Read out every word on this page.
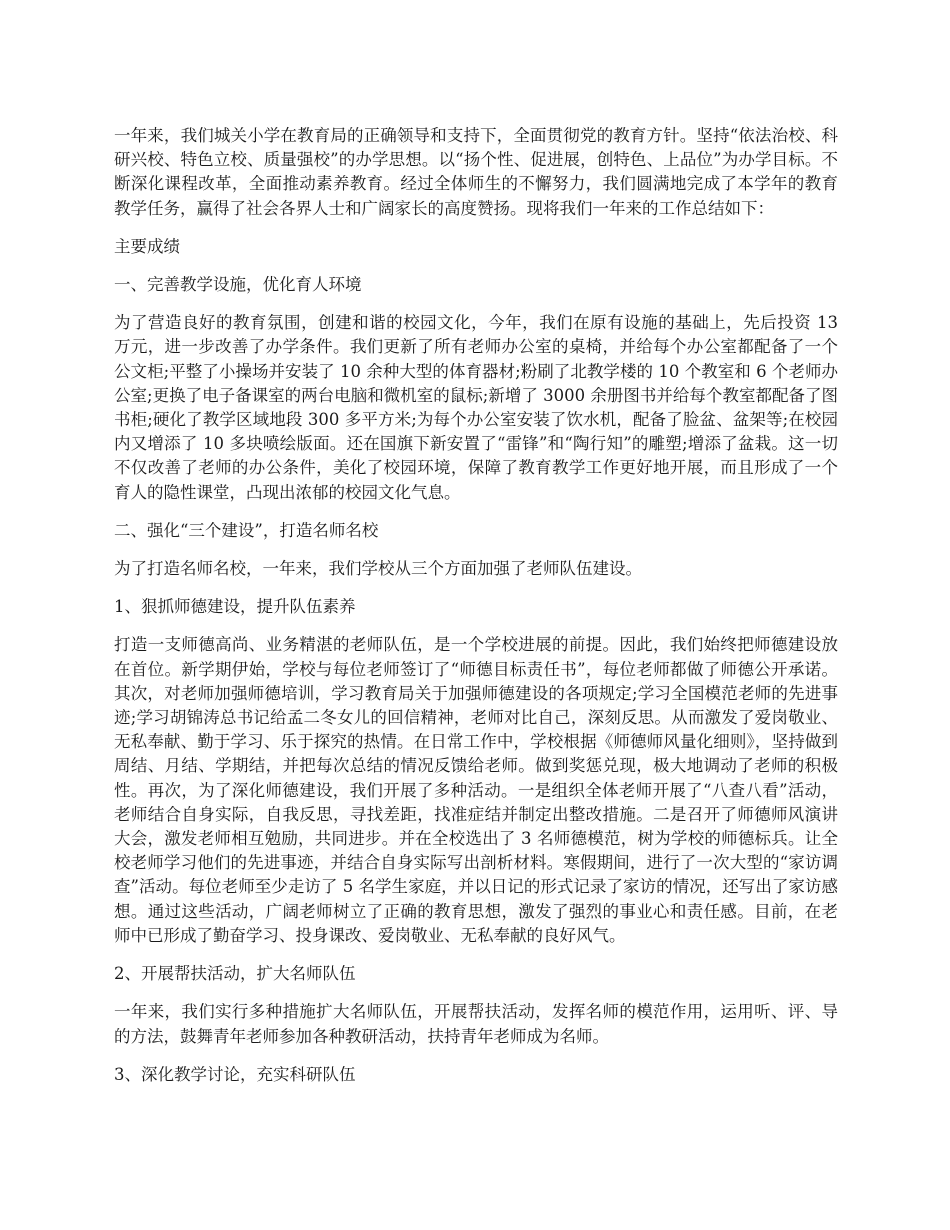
一年来，我们城关小学在教育局的正确领导和支持下，全面贯彻党的教育方针。坚持“依法治校、科研兴校、特色立校、质量强校”的办学思想。以“扬个性、促进展，创特色、上品位”为办学目标。不断深化课程改革，全面推动素养教育。经过全体师生的不懈努力，我们圆满地完成了本学年的教育教学任务，赢得了社会各界人士和广阔家长的高度赞扬。现将我们一年来的工作总结如下：

主要成绩

一、完善教学设施，优化育人环境

为了营造良好的教育氛围，创建和谐的校园文化，今年，我们在原有设施的基础上，先后投资 13 万元，进一步改善了办学条件。我们更新了所有老师办公室的桌椅，并给每个办公室都配备了一个公文柜;平整了小操场并安装了 10 余种大型的体育器材;粉刷了北教学楼的 10 个教室和 6 个老师办公室;更换了电子备课室的两台电脑和微机室的鼠标;新增了 3000 余册图书并给每个教室都配备了图书柜;硬化了教学区域地段 300 多平方米;为每个办公室安装了饮水机，配备了脸盆、盆架等;在校园内又增添了 10 多块喷绘版面。还在国旗下新安置了“雷锋”和“陶行知”的雕塑;增添了盆栽。这一切不仅改善了老师的办公条件，美化了校园环境，保障了教育教学工作更好地开展，而且形成了一个育人的隐性课堂，凸现出浓郁的校园文化气息。

二、强化“三个建设”，打造名师名校

为了打造名师名校，一年来，我们学校从三个方面加强了老师队伍建设。

1、狠抓师德建设，提升队伍素养

打造一支师德高尚、业务精湛的老师队伍，是一个学校进展的前提。因此，我们始终把师德建设放在首位。新学期伊始，学校与每位老师签订了“师德目标责任书”，每位老师都做了师德公开承诺。其次，对老师加强师德培训，学习教育局关于加强师德建设的各项规定;学习全国模范老师的先进事迹;学习胡锦涛总书记给孟二冬女儿的回信精神，老师对比自己，深刻反思。从而激发了爱岗敬业、无私奉献、勤于学习、乐于探究的热情。在日常工作中，学校根据《师德师风量化细则》，坚持做到周结、月结、学期结，并把每次总结的情况反馈给老师。做到奖惩兑现，极大地调动了老师的积极性。再次，为了深化师德建设，我们开展了多种活动。一是组织全体老师开展了“八查八看”活动，老师结合自身实际，自我反思，寻找差距，找准症结并制定出整改措施。二是召开了师德师风演讲大会，激发老师相互勉励，共同进步。并在全校选出了 3 名师德模范，树为学校的师德标兵。让全校老师学习他们的先进事迹，并结合自身实际写出剖析材料。寒假期间，进行了一次大型的“家访调查”活动。每位老师至少走访了 5 名学生家庭，并以日记的形式记录了家访的情况，还写出了家访感想。通过这些活动，广阔老师树立了正确的教育思想，激发了强烈的事业心和责任感。目前，在老师中已形成了勤奋学习、投身课改、爱岗敬业、无私奉献的良好风气。

2、开展帮扶活动，扩大名师队伍

一年来，我们实行多种措施扩大名师队伍，开展帮扶活动，发挥名师的模范作用，运用听、评、导的方法，鼓舞青年老师参加各种教研活动，扶持青年老师成为名师。

3、深化教学讨论，充实科研队伍
